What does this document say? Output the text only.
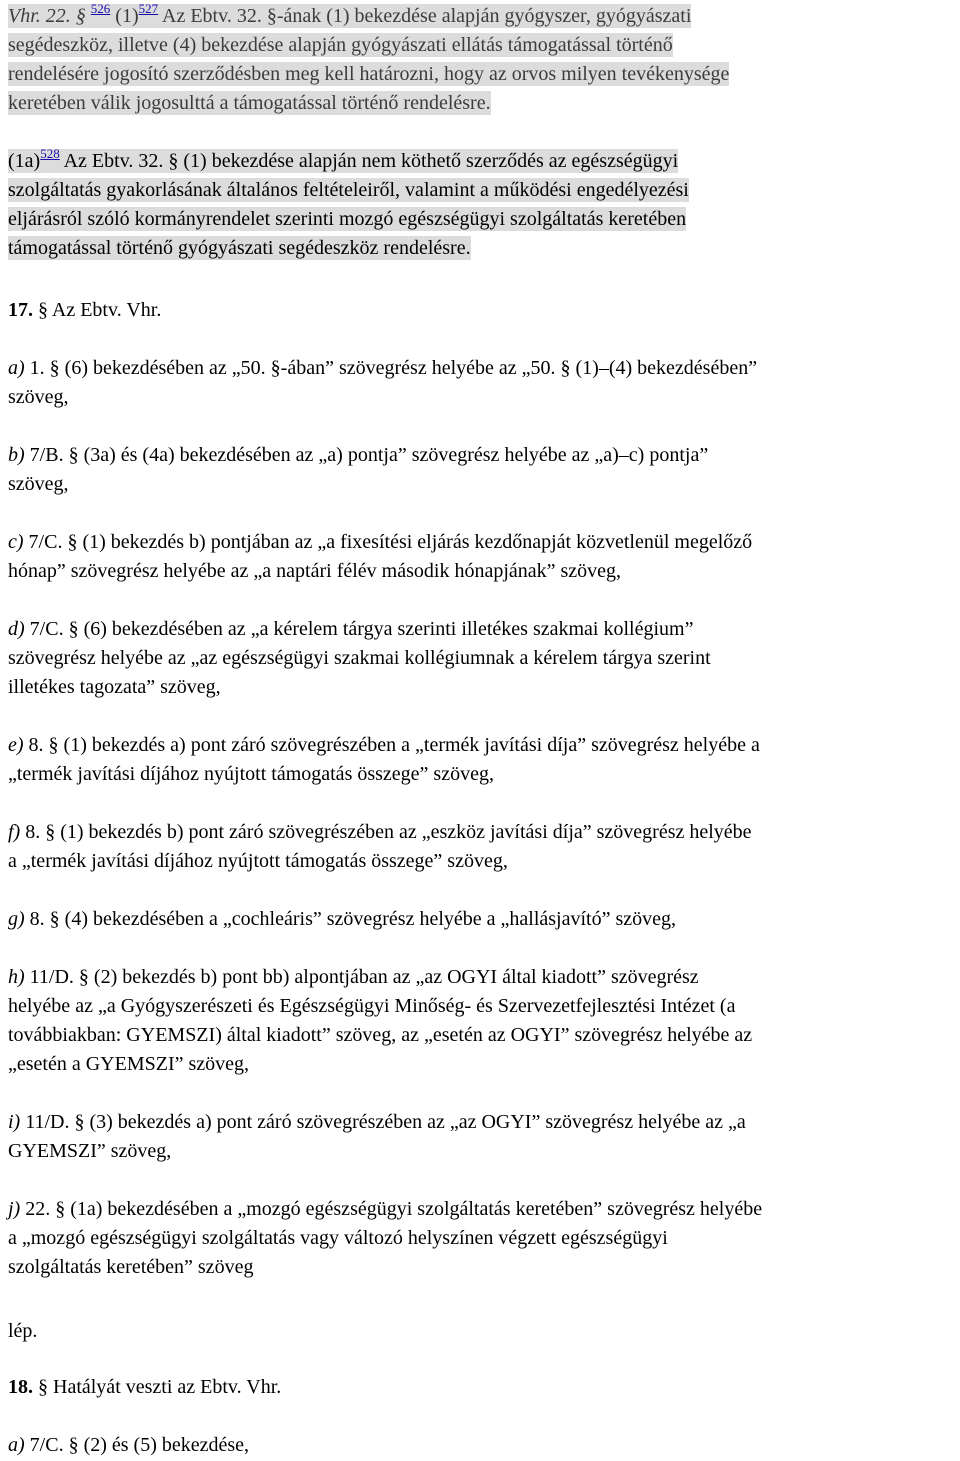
Vhr. 22. § $^{526}$ (1)$^{527}$ Az Ebtv. 32. §-ának (1) bekezdése alapján gyógyszer, gyógyászati
segédeszköz, illetve (4) bekezdése alapján gyógyászati ellátás támogatással történő
rendelésére jogosító szerződésben meg kell határozni, hogy az orvos milyen tevékenysége
keretében válik jogosulttá a támogatással történő rendelésre.
(1a)$^{528}$ Az Ebtv. 32. § (1) bekezdése alapján nem köthető szerződés az egészségügyi
szolgáltatás gyakorlásának általános feltételeiről, valamint a működési engedélyezési
eljárásról szóló kormányrendelet szerinti mozgó egészségügyi szolgáltatás keretében
támogatással történő gyógyászati segédeszköz rendelésre.
17. § Az Ebtv. Vhr.
a) 1. § (6) bekezdésében az „50. §-ában” szövegrész helyébe az „50. § (1)–(4) bekezdésében”
szöveg,
b) 7/B. § (3a) és (4a) bekezdésében az „a) pontja” szövegrész helyébe az „a)–c) pontja”
szöveg,
c) 7/C. § (1) bekezdés b) pontjában az „a fixesítési eljárás kezdőnapját közvetlenül megelőző
hónap” szövegrész helyébe az „a naptári félév második hónapjának” szöveg,
d) 7/C. § (6) bekezdésében az „a kérelem tárgya szerinti illetékes szakmai kollégium”
szövegrész helyébe az „az egészségügyi szakmai kollégiumnak a kérelem tárgya szerint
illetékes tagozata” szöveg,
e) 8. § (1) bekezdés a) pont záró szövegrészében a „termék javítási díja” szövegrész helyébe a
„termék javítási díjához nyújtott támogatás összege” szöveg,
f) 8. § (1) bekezdés b) pont záró szövegrészében az „eszköz javítási díja” szövegrész helyébe
a „termék javítási díjához nyújtott támogatás összege” szöveg,
g) 8. § (4) bekezdésében a „cochleáris” szövegrész helyébe a „hallásjavító” szöveg,
h) 11/D. § (2) bekezdés b) pont bb) alpontjában az „az OGYI által kiadott” szövegrész
helyébe az „a Gyógyszerészeti és Egészségügyi Minőség- és Szervezetfejlesztési Intézet (a
továbbiakban: GYEMSZI) által kiadott” szöveg, az „esetén az OGYI” szövegrész helyébe az
„esetén a GYEMSZI” szöveg,
i) 11/D. § (3) bekezdés a) pont záró szövegrészében az „az OGYI” szövegrész helyébe az „a
GYEMSZI” szöveg,
j) 22. § (1a) bekezdésében a „mozgó egészségügyi szolgáltatás keretében” szövegrész helyébe
a „mozgó egészségügyi szolgáltatás vagy változó helyszínen végzett egészségügyi
szolgáltatás keretében” szöveg
lép.
18. § Hatályát veszti az Ebtv. Vhr.
a) 7/C. § (2) és (5) bekezdése,
